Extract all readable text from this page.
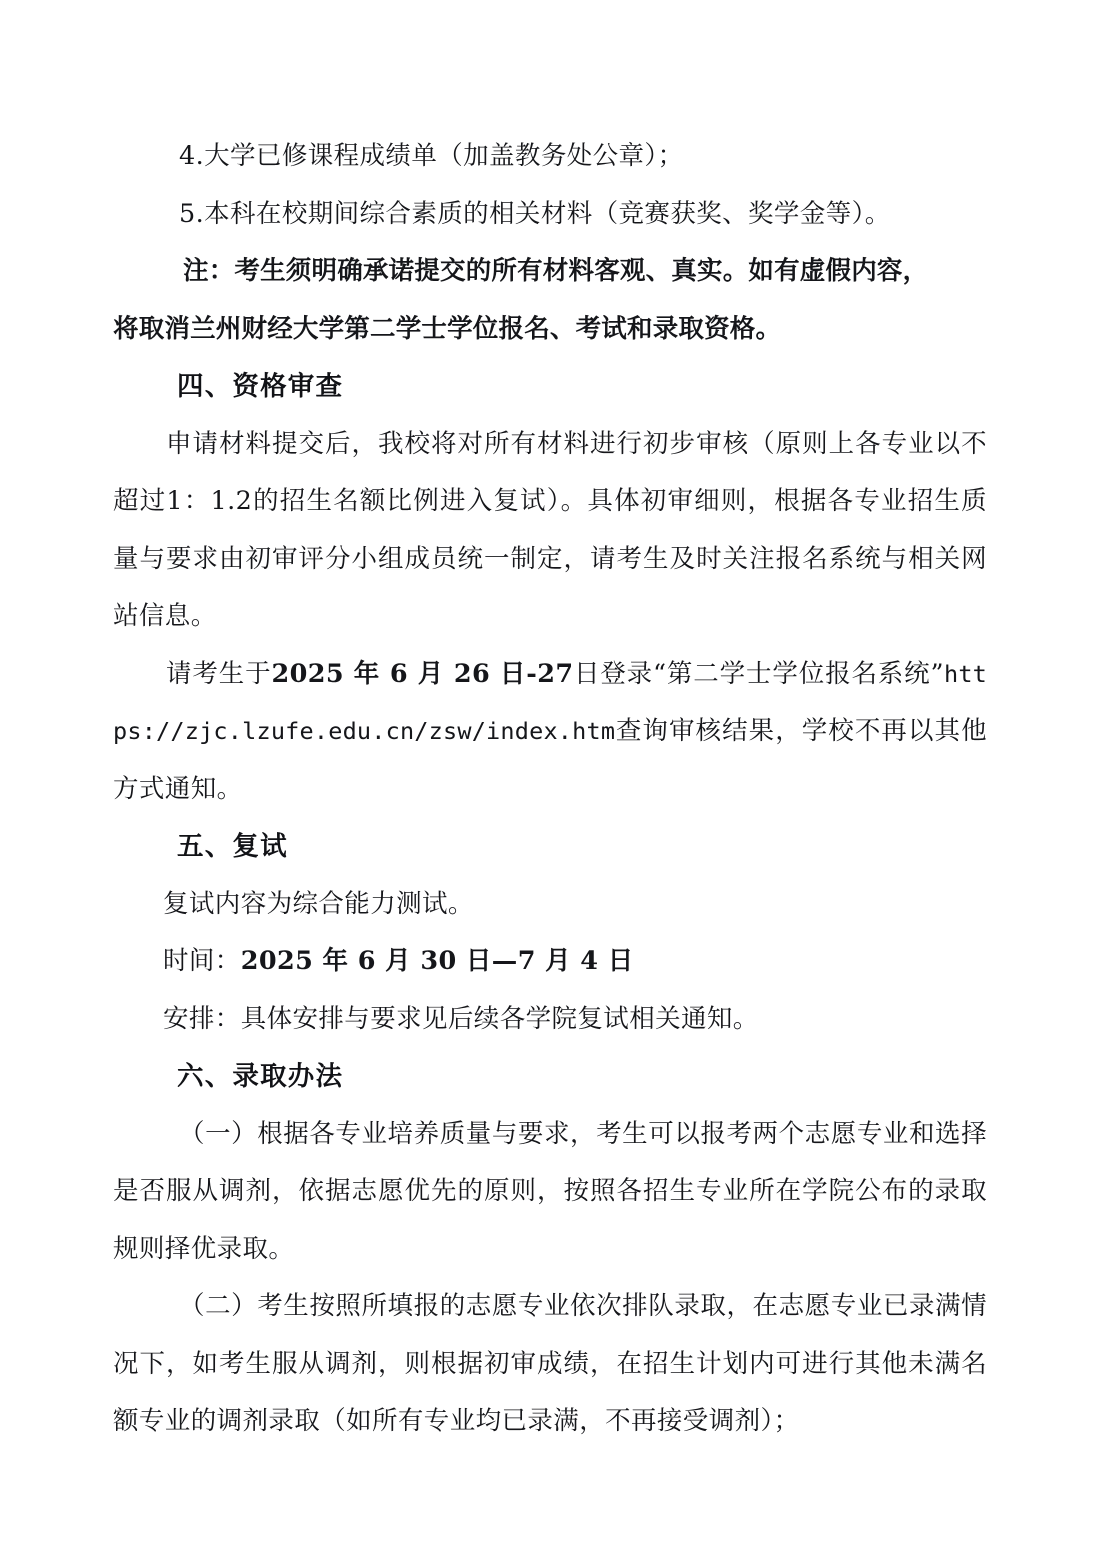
4.大学已修课程成绩单（加盖教务处公章）；

5.本科在校期间综合素质的相关材料（竞赛获奖、奖学金等）。

注：考生须明确承诺提交的所有材料客观、真实。如有虚假内容，

将取消兰州财经大学第二学士学位报名、考试和录取资格。

四、资格审查

申请材料提交后，我校将对所有材料进行初步审核（原则上各专业以不超过1：1.2的招生名额比例进入复试）。具体初审细则，根据各专业招生质量与要求由初审评分小组成员统一制定，请考生及时关注报名系统与相关网站信息。

请考生于2025 年 6 月 26 日-27日登录“第二学士学位报名系统”https://zjc.lzufe.edu.cn/zsw/index.htm查询审核结果，学校不再以其他方式通知。

五、复试

复试内容为综合能力测试。

时间：2025 年 6 月 30 日—7 月 4 日

安排：具体安排与要求见后续各学院复试相关通知。

六、录取办法

（一）根据各专业培养质量与要求，考生可以报考两个志愿专业和选择是否服从调剂，依据志愿优先的原则，按照各招生专业所在学院公布的录取规则择优录取。

（二）考生按照所填报的志愿专业依次排队录取，在志愿专业已录满情况下，如考生服从调剂，则根据初审成绩，在招生计划内可进行其他未满名额专业的调剂录取（如所有专业均已录满，不再接受调剂）；
